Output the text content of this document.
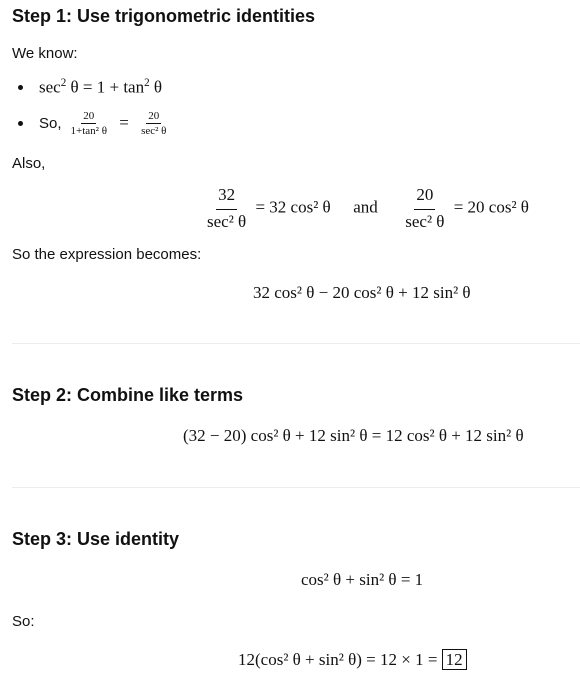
Step 1: Use trigonometric identities
We know:
$\sec^2 \theta = 1 + \tan^2 \theta$
So, $\frac{20}{\text{1+tan² θ}} = \frac{20}{\text{sec² θ}}$
Also,
$\frac{32}{\text{sec² θ}} = 32$ cos² θ and $\frac{20}{\text{sec² θ}} = 20$ cos² θ
So the expression becomes:
32 cos² θ − 20 cos² θ + 12 sin² θ
Step 2: Combine like terms
(32 − 20) cos² θ + 12 sin² θ = 12 cos² θ + 12 sin² θ
Step 3: Use identity
cos² θ + sin² θ = 1
So:
12(cos² θ + sin² θ) = 12 × 1 = 12
